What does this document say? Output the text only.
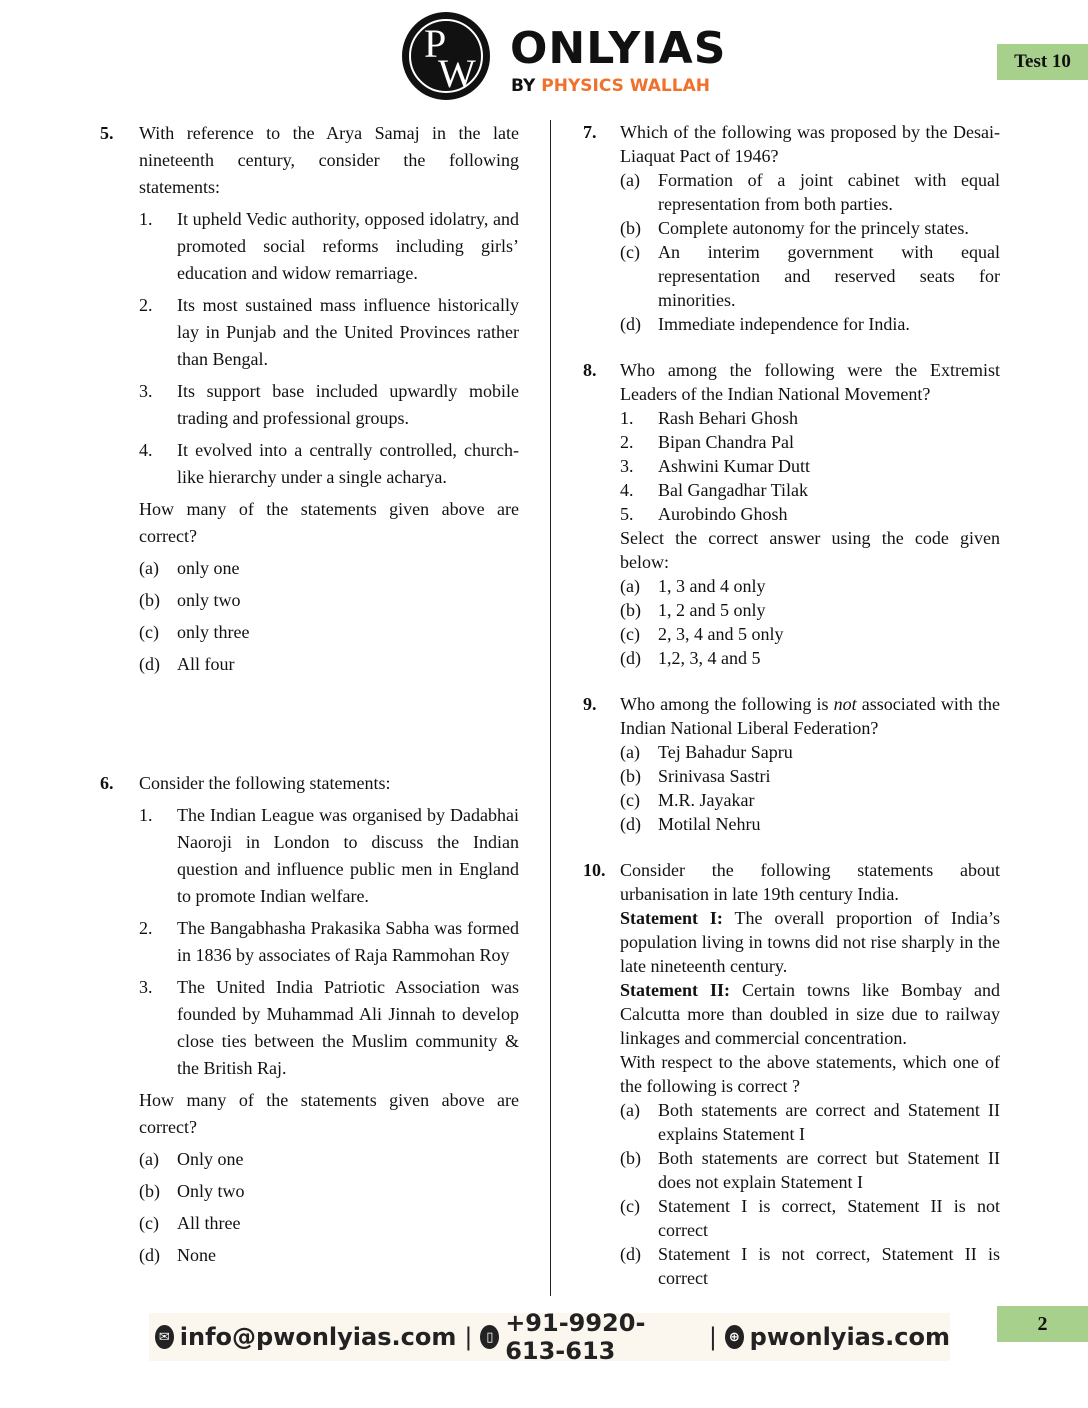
P
W ONLYIAS
BY PHYSICS WALLAH
Test 10
5. With reference to the Arya Samaj in the late nineteenth century, consider the following statements:
1.	It upheld Vedic authority, opposed idolatry, and promoted social reforms including girls’ education and widow remarriage.
2.	Its most sustained mass influence historically lay in Punjab and the United Provinces rather than Bengal.
3.	Its support base included upwardly mobile trading and professional groups.
4.	It evolved into a centrally controlled, church-like hierarchy under a single acharya.
How many of the statements given above are correct?
(a)	only one
(b) only two
(c)	only three
(d) All four
6. Consider the following statements:
1.	The Indian League was organised by Dadabhai Naoroji in London to discuss the Indian question and influence public men in England to promote Indian welfare.
2.	The Bangabhasha Prakasika Sabha was formed in 1836 by associates of Raja Rammohan Roy
3.	The United India Patriotic Association was founded by Muhammad Ali Jinnah to develop close ties between the Muslim community & the British Raj.
How many of the statements given above are correct?
(a)	Only one
(b) Only two
(c)	All three
(d) None
7. Which of the following was proposed by the Desai-Liaquat Pact of 1946?
(a)	Formation of a joint cabinet with equal representation from both parties.
(b) Complete autonomy for the princely states.
(c)	An interim government with equal representation and reserved seats for minorities.
(d) Immediate independence for India.
8. Who among the following were the Extremist Leaders of the Indian National Movement?
1.	Rash Behari Ghosh
2.	Bipan Chandra Pal
3.	Ashwini Kumar Dutt
4.	Bal Gangadhar Tilak
5.	Aurobindo Ghosh
Select the correct answer using the code given below:
(a)	1, 3 and 4 only
(b) 1, 2 and 5 only
(c)	2, 3, 4 and 5 only
(d) 1,2, 3, 4 and 5
9. Who among the following is not associated with the Indian National Liberal Federation?
(a)	Tej Bahadur Sapru
(b) Srinivasa Sastri
(c)	M.R. Jayakar
(d) Motilal Nehru
10. Consider the following statements about urbanisation in late 19th century India.
Statement I: The overall proportion of India’s population living in towns did not rise sharply in the late nineteenth century.
Statement II: Certain towns like Bombay and Calcutta more than doubled in size due to railway linkages and commercial concentration.
With respect to the above statements, which one of the following is correct ?
(a)	Both statements are correct and Statement II explains Statement I
(b) Both statements are correct but Statement II does not explain Statement I
(c)	Statement I is correct, Statement II is not correct
(d) Statement I is not correct, Statement II is correct
✉ info@pwonlyias.com |	▯ +91-9920-613-613	| ⊕ pwonlyias.com	2
